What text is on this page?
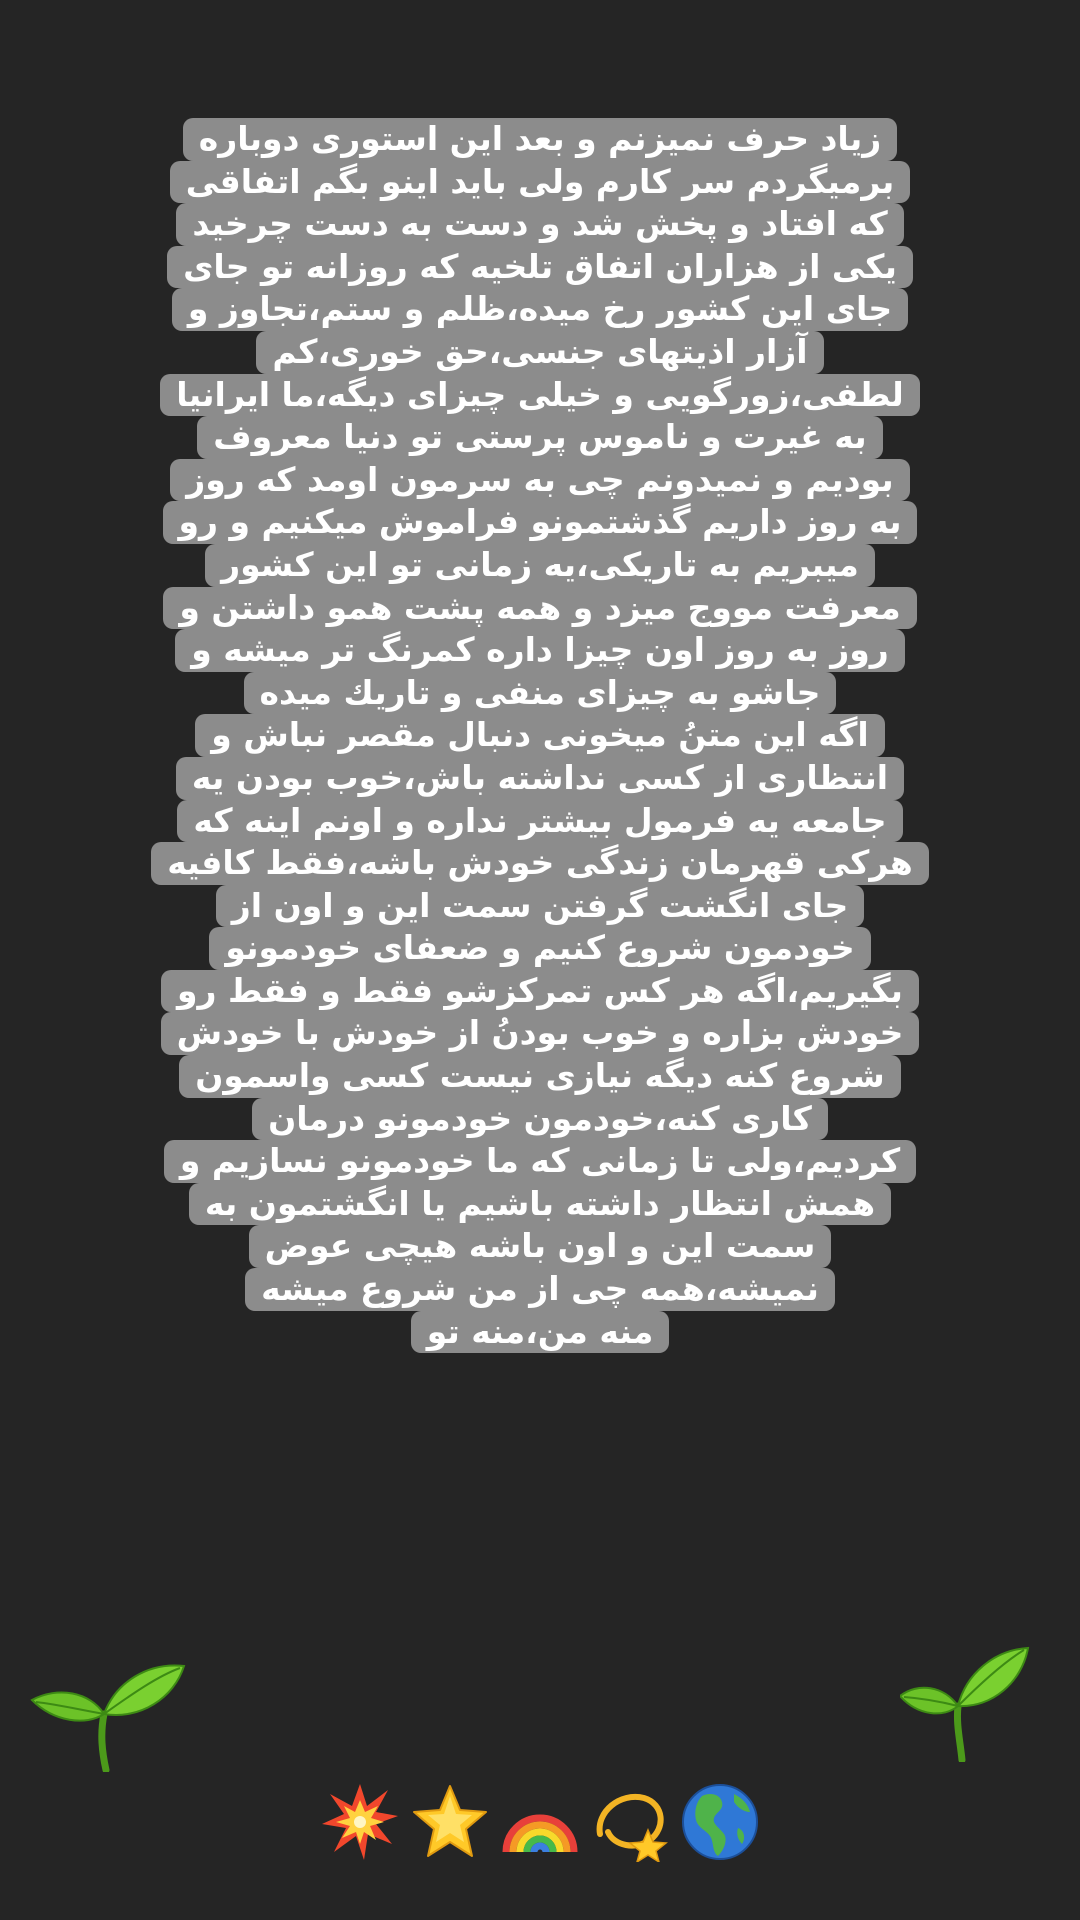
زیاد حرف نمیزنم و بعد این استوری دوباره
برمیگردم سر کارم ولی باید اینو بگم اتفاقی
که افتاد و پخش شد و دست به دست چرخید
یکی از هزاران اتفاق تلخیه که روزانه تو جای
جای این کشور رخ میده،ظلم و ستم،تجاوز و
آزار اذیتهای جنسی،حق خوری،کم
لطفی،زورگویی و خیلی چیزای دیگه،ما ایرانیا
به غیرت و ناموس پرستی تو دنیا معروف
بودیم و نمیدونم چی به سرمون اومد که روز
به روز داریم گذشتمونو فراموش میکنیم و رو
میبریم به تاریکی،یه زمانی تو این کشور
معرفت مووج میزد و همه پشت همو داشتن و
روز به روز اون چیزا داره کمرنگ تر میشه و
جاشو به چیزای منفی و تاریك میده
اگه این متنُ میخونی دنبال مقصر نباش و
انتظاری از کسی نداشته باش،خوب بودن یه
جامعه یه فرمول بیشتر نداره و اونم اینه که
هرکی قهرمان زندگی خودش باشه،فقط کافیه
جای انگشت گرفتن سمت این و اون از
خودمون شروع کنیم و ضعفای خودمونو
بگیریم،اگه هر کس تمرکزشو فقط و فقط رو
خودش بزاره و خوب بودنُ از خودش با خودش
شروع کنه دیگه نیازی نیست کسی واسمون
کاری کنه،خودمون خودمونو درمان
کردیم،ولی تا زمانی که ما خودمونو نسازیم و
همش انتظار داشته باشیم یا انگشتمون به
سمت این و اون باشه هیچی عوض
نمیشه،همه چی از من شروع میشه
منه من،منه تو
